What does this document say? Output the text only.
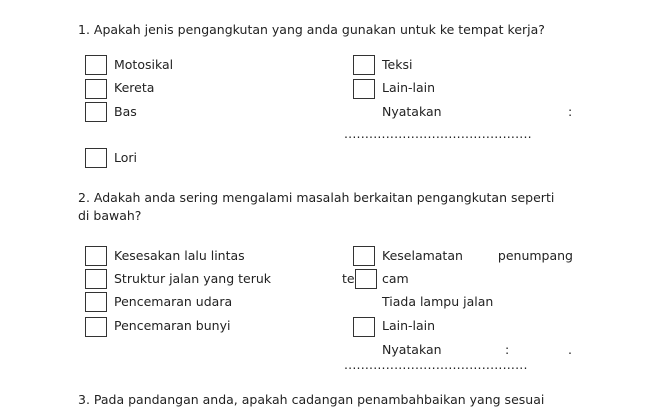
1. Apakah jenis pengangkutan yang anda gunakan untuk ke tempat kerja?
Motosikal
Kereta
Bas
Lori
Teksi
Lain-lain
Nyatakan	:
.............................................
2. Adakah anda sering mengalami masalah berkaitan pengangkutan seperti
di bawah?
Kesesakan lalu lintas
Struktur jalan yang teruk
Pencemaran udara
Pencemaran bunyi
Keselamatan	penumpang
te cam
Tiada lampu jalan
Lain-lain
Nyatakan	:	.
............................................
3. Pada pandangan anda, apakah cadangan penambahbaikan yang sesuai
